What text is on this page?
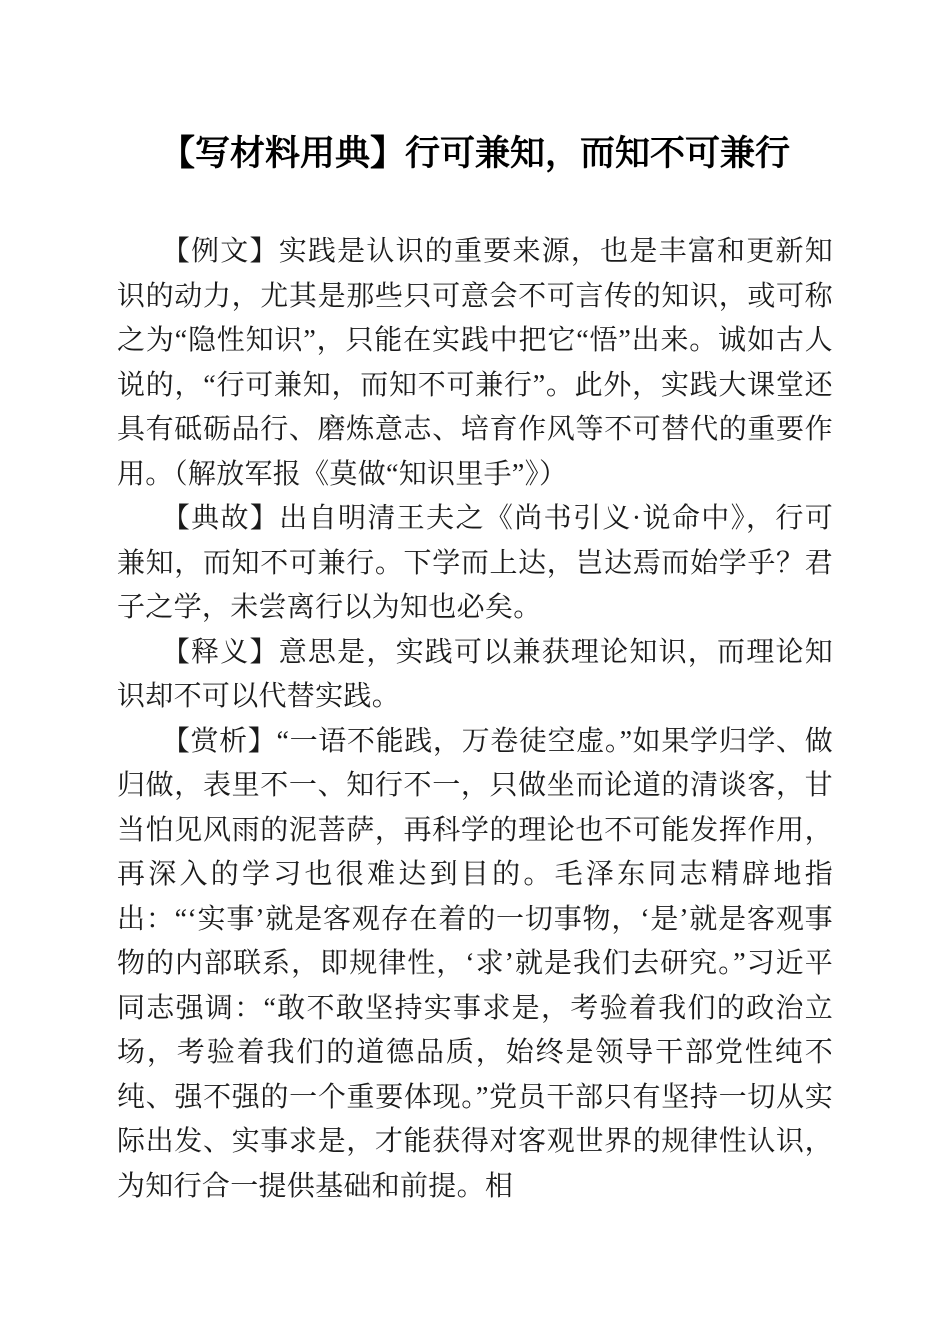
【写材料用典】行可兼知，而知不可兼行

【例文】实践是认识的重要来源，也是丰富和更新知识的动力，尤其是那些只可意会不可言传的知识，或可称之为“隐性知识”，只能在实践中把它“悟”出来。诚如古人说的，“行可兼知，而知不可兼行”。此外，实践大课堂还具有砥砺品行、磨炼意志、培育作风等不可替代的重要作用。（解放军报《莫做“知识里手”》）

【典故】出自明清王夫之《尚书引义·说命中》，行可兼知，而知不可兼行。下学而上达，岂达焉而始学乎？君子之学，未尝离行以为知也必矣。

【释义】意思是，实践可以兼获理论知识，而理论知识却不可以代替实践。

【赏析】“一语不能践，万卷徒空虚。”如果学归学、做归做，表里不一、知行不一，只做坐而论道的清谈客，甘当怕见风雨的泥菩萨，再科学的理论也不可能发挥作用，再深入的学习也很难达到目的。毛泽东同志精辟地指出：“‘实事’就是客观存在着的一切事物，‘是’就是客观事物的内部联系，即规律性，‘求’就是我们去研究。”习近平同志强调：“敢不敢坚持实事求是，考验着我们的政治立场，考验着我们的道德品质，始终是领导干部党性纯不纯、强不强的一个重要体现。”党员干部只有坚持一切从实际出发、实事求是，才能获得对客观世界的规律性认识，为知行合一提供基础和前提。相
